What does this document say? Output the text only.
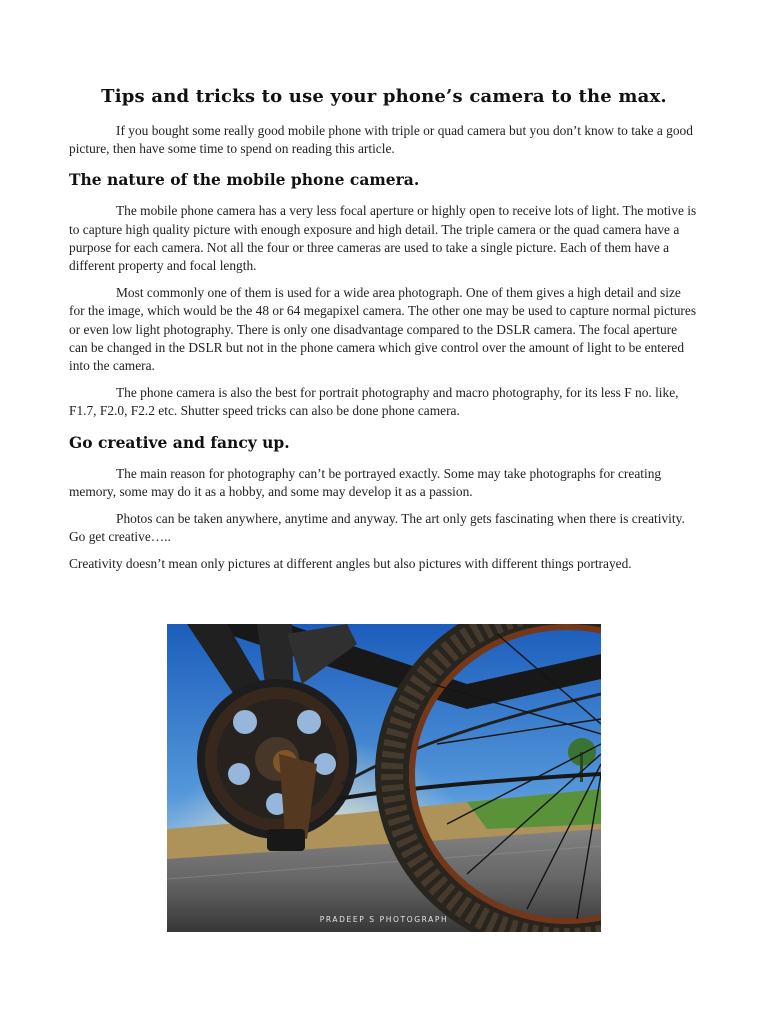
Tips and tricks to use your phone’s camera to the max.

If you bought some really good mobile phone with triple or quad camera but you don’t know to take a good picture, then have some time to spend on reading this article.

The nature of the mobile phone camera.

The mobile phone camera has a very less focal aperture or highly open to receive lots of light. The motive is to capture high quality picture with enough exposure and high detail. The triple camera or the quad camera have a purpose for each camera. Not all the four or three cameras are used to take a single picture. Each of them have a different property and focal length.

Most commonly one of them is used for a wide area photograph. One of them gives a high detail and size for the image, which would be the 48 or 64 megapixel camera. The other one may be used to capture normal pictures or even low light photography. There is only one disadvantage compared to the DSLR camera. The focal aperture can be changed in the DSLR but not in the phone camera which give control over the amount of light to be entered into the camera.

The phone camera is also the best for portrait photography and macro photography, for its less F no. like, F1.7, F2.0, F2.2 etc. Shutter speed tricks can also be done phone camera.

Go creative and fancy up.

The main reason for photography can’t be portrayed exactly. Some may take photographs for creating memory, some may do it as a hobby, and some may develop it as a passion.

Photos can be taken anywhere, anytime and anyway. The art only gets fascinating when there is creativity. Go get creative…..

Creativity doesn’t mean only pictures at different angles but also pictures with different things portrayed.

PRADEEP S PHOTOGRAPH
